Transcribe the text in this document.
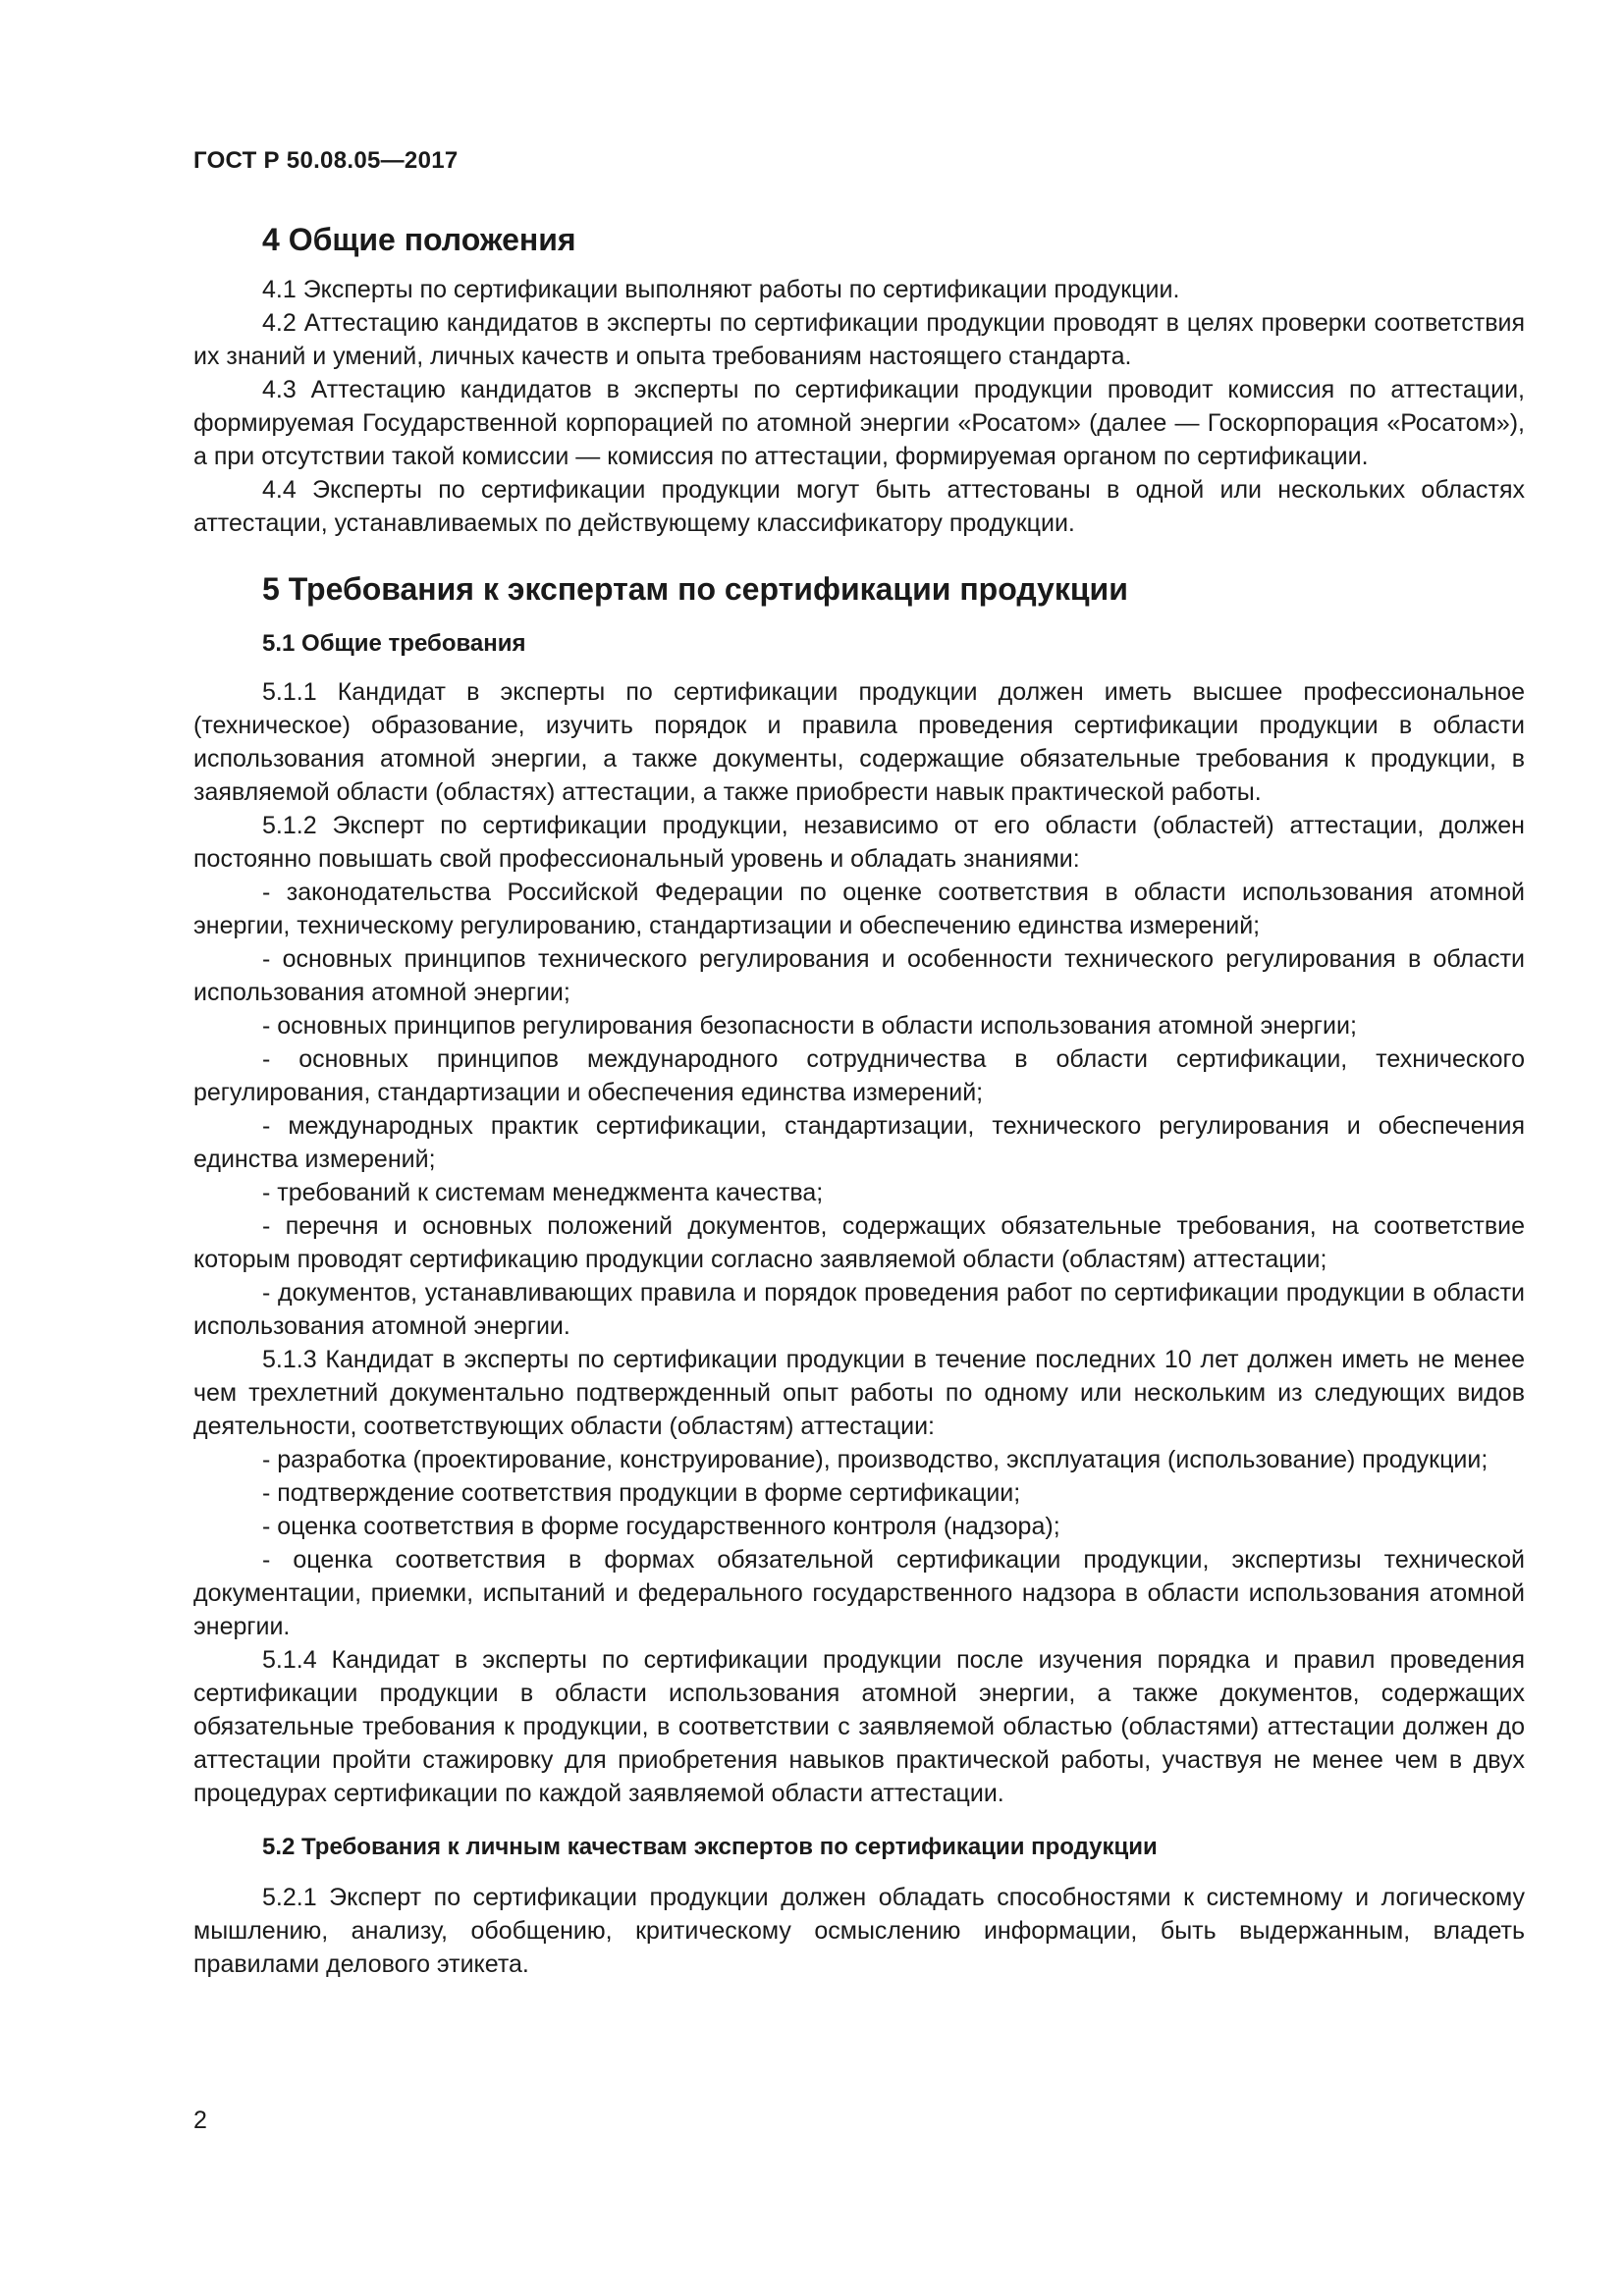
ГОСТ Р 50.08.05—2017
4 Общие положения

4.1 Эксперты по сертификации выполняют работы по сертификации продукции.

4.2 Аттестацию кандидатов в эксперты по сертификации продукции проводят в целях проверки соответствия их знаний и умений, личных качеств и опыта требованиям настоящего стандарта.

4.3 Аттестацию кандидатов в эксперты по сертификации продукции проводит комиссия по аттестации, формируемая Государственной корпорацией по атомной энергии «Росатом» (далее — Госкорпорация «Росатом»), а при отсутствии такой комиссии — комиссия по аттестации, формируемая органом по сертификации.

4.4 Эксперты по сертификации продукции могут быть аттестованы в одной или нескольких областях аттестации, устанавливаемых по действующему классификатору продукции.

5 Требования к экспертам по сертификации продукции
5.1 Общие требования

5.1.1 Кандидат в эксперты по сертификации продукции должен иметь высшее профессиональное (техническое) образование, изучить порядок и правила проведения сертификации продукции в области использования атомной энергии, а также документы, содержащие обязательные требования к продукции, в заявляемой области (областях) аттестации, а также приобрести навык практической работы.

5.1.2 Эксперт по сертификации продукции, независимо от его области (областей) аттестации, должен постоянно повышать свой профессиональный уровень и обладать знаниями:

- законодательства Российской Федерации по оценке соответствия в области использования атомной энергии, техническому регулированию, стандартизации и обеспечению единства измерений;

- основных принципов технического регулирования и особенности технического регулирования в области использования атомной энергии;

- основных принципов регулирования безопасности в области использования атомной энергии;

- основных принципов международного сотрудничества в области сертификации, технического регулирования, стандартизации и обеспечения единства измерений;

- международных практик сертификации, стандартизации, технического регулирования и обеспечения единства измерений;

- требований к системам менеджмента качества;

- перечня и основных положений документов, содержащих обязательные требования, на соответствие которым проводят сертификацию продукции согласно заявляемой области (областям) аттестации;

- документов, устанавливающих правила и порядок проведения работ по сертификации продукции в области использования атомной энергии.

5.1.3 Кандидат в эксперты по сертификации продукции в течение последних 10 лет должен иметь не менее чем трехлетний документально подтвержденный опыт работы по одному или нескольким из следующих видов деятельности, соответствующих области (областям) аттестации:

- разработка (проектирование, конструирование), производство, эксплуатация (использование) продукции;

- подтверждение соответствия продукции в форме сертификации;

- оценка соответствия в форме государственного контроля (надзора);

- оценка соответствия в формах обязательной сертификации продукции, экспертизы технической документации, приемки, испытаний и федерального государственного надзора в области использования атомной энергии.

5.1.4 Кандидат в эксперты по сертификации продукции после изучения порядка и правил проведения сертификации продукции в области использования атомной энергии, а также документов, содержащих обязательные требования к продукции, в соответствии с заявляемой областью (областями) аттестации должен до аттестации пройти стажировку для приобретения навыков практической работы, участвуя не менее чем в двух процедурах сертификации по каждой заявляемой области аттестации.

5.2 Требования к личным качествам экспертов по сертификации продукции

5.2.1 Эксперт по сертификации продукции должен обладать способностями к системному и логическому мышлению, анализу, обобщению, критическому осмыслению информации, быть выдержанным, владеть правилами делового этикета.

2
